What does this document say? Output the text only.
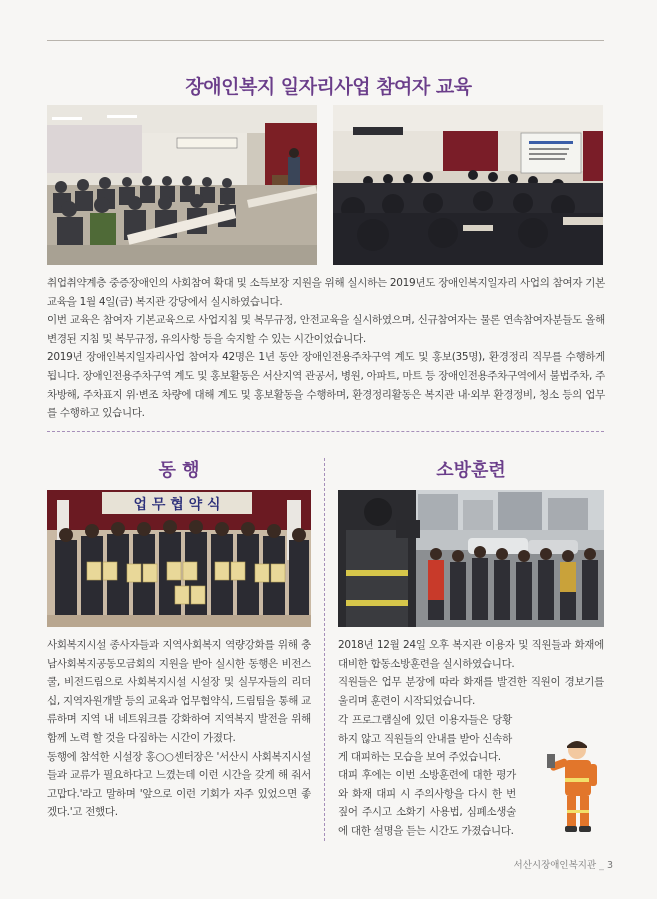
장애인복지 일자리사업 참여자 교육

취업취약계층 중증장애인의 사회참여 확대 및 소득보장 지원을 위해 실시하는 2019년도 장애인복지일자리 사업의 참여자 기본교육을 1월 4일(금) 복지관 강당에서 실시하였습니다.

이번 교육은 참여자 기본교육으로 사업지침 및 복무규정, 안전교육을 실시하였으며, 신규참여자는 물론 연속참여자분들도 올해 변경된 지침 및 복무규정, 유의사항 등을 숙지할 수 있는 시간이었습니다.

2019년 장애인복지일자리사업 참여자 42명은 1년 동안 장애인전용주차구역 계도 및 홍보(35명), 환경정리 직무를 수행하게 됩니다. 장애인전용주차구역 계도 및 홍보활동은 서산지역 관공서, 병원, 아파트, 마트 등 장애인전용주차구역에서 불법주차, 주차방해, 주차표지 위·변조 차량에 대해 계도 및 홍보활동을 수행하며, 환경정리활동은 복지관 내·외부 환경정비, 청소 등의 업무를 수행하고 있습니다.

동 행
업 무 협 약 식

사회복지시설 종사자들과 지역사회복지 역량강화를 위해 충남사회복지공동모금회의 지원을 받아 실시한 동행은 비전스쿨, 비전드림으로 사회복지시설 시설장 및 실무자들의 리더십, 지역자원개발 등의 교육과 업무협약식, 드림팀을 통해 교류하며 지역 내 네트워크를 강화하여 지역복지 발전을 위해 함께 노력 할 것을 다짐하는 시간이 가졌다.

동행에 참석한 시설장 홍○○센터장은 '서산시 사회복지시설들과 교류가 필요하다고 느꼈는데 이런 시간을 갖게 해 줘서 고맙다.'라고 말하며 '앞으로 이런 기회가 자주 있었으면 좋겠다.'고 전했다.

소방훈련

2018년 12월 24일 오후 복지관 이용자 및 직원들과 화재에 대비한 합동소방훈련을 실시하였습니다.

직원들은 업무 분장에 따라 화재를 발견한 직원이 경보기를 울리며 훈련이 시작되었습니다.

각 프로그램실에 있던 이용자들은 당황하지 않고 직원들의 안내를 받아 신속하게 대피하는 모습을 보여 주었습니다.

대피 후에는 이번 소방훈련에 대한 평가와 화재 대피 시 주의사항을 다시 한 번 짚어 주시고 소화기 사용법, 심폐소생술에 대한 설명을 듣는 시간도 가졌습니다.

서산시장애인복지관 _ 3
